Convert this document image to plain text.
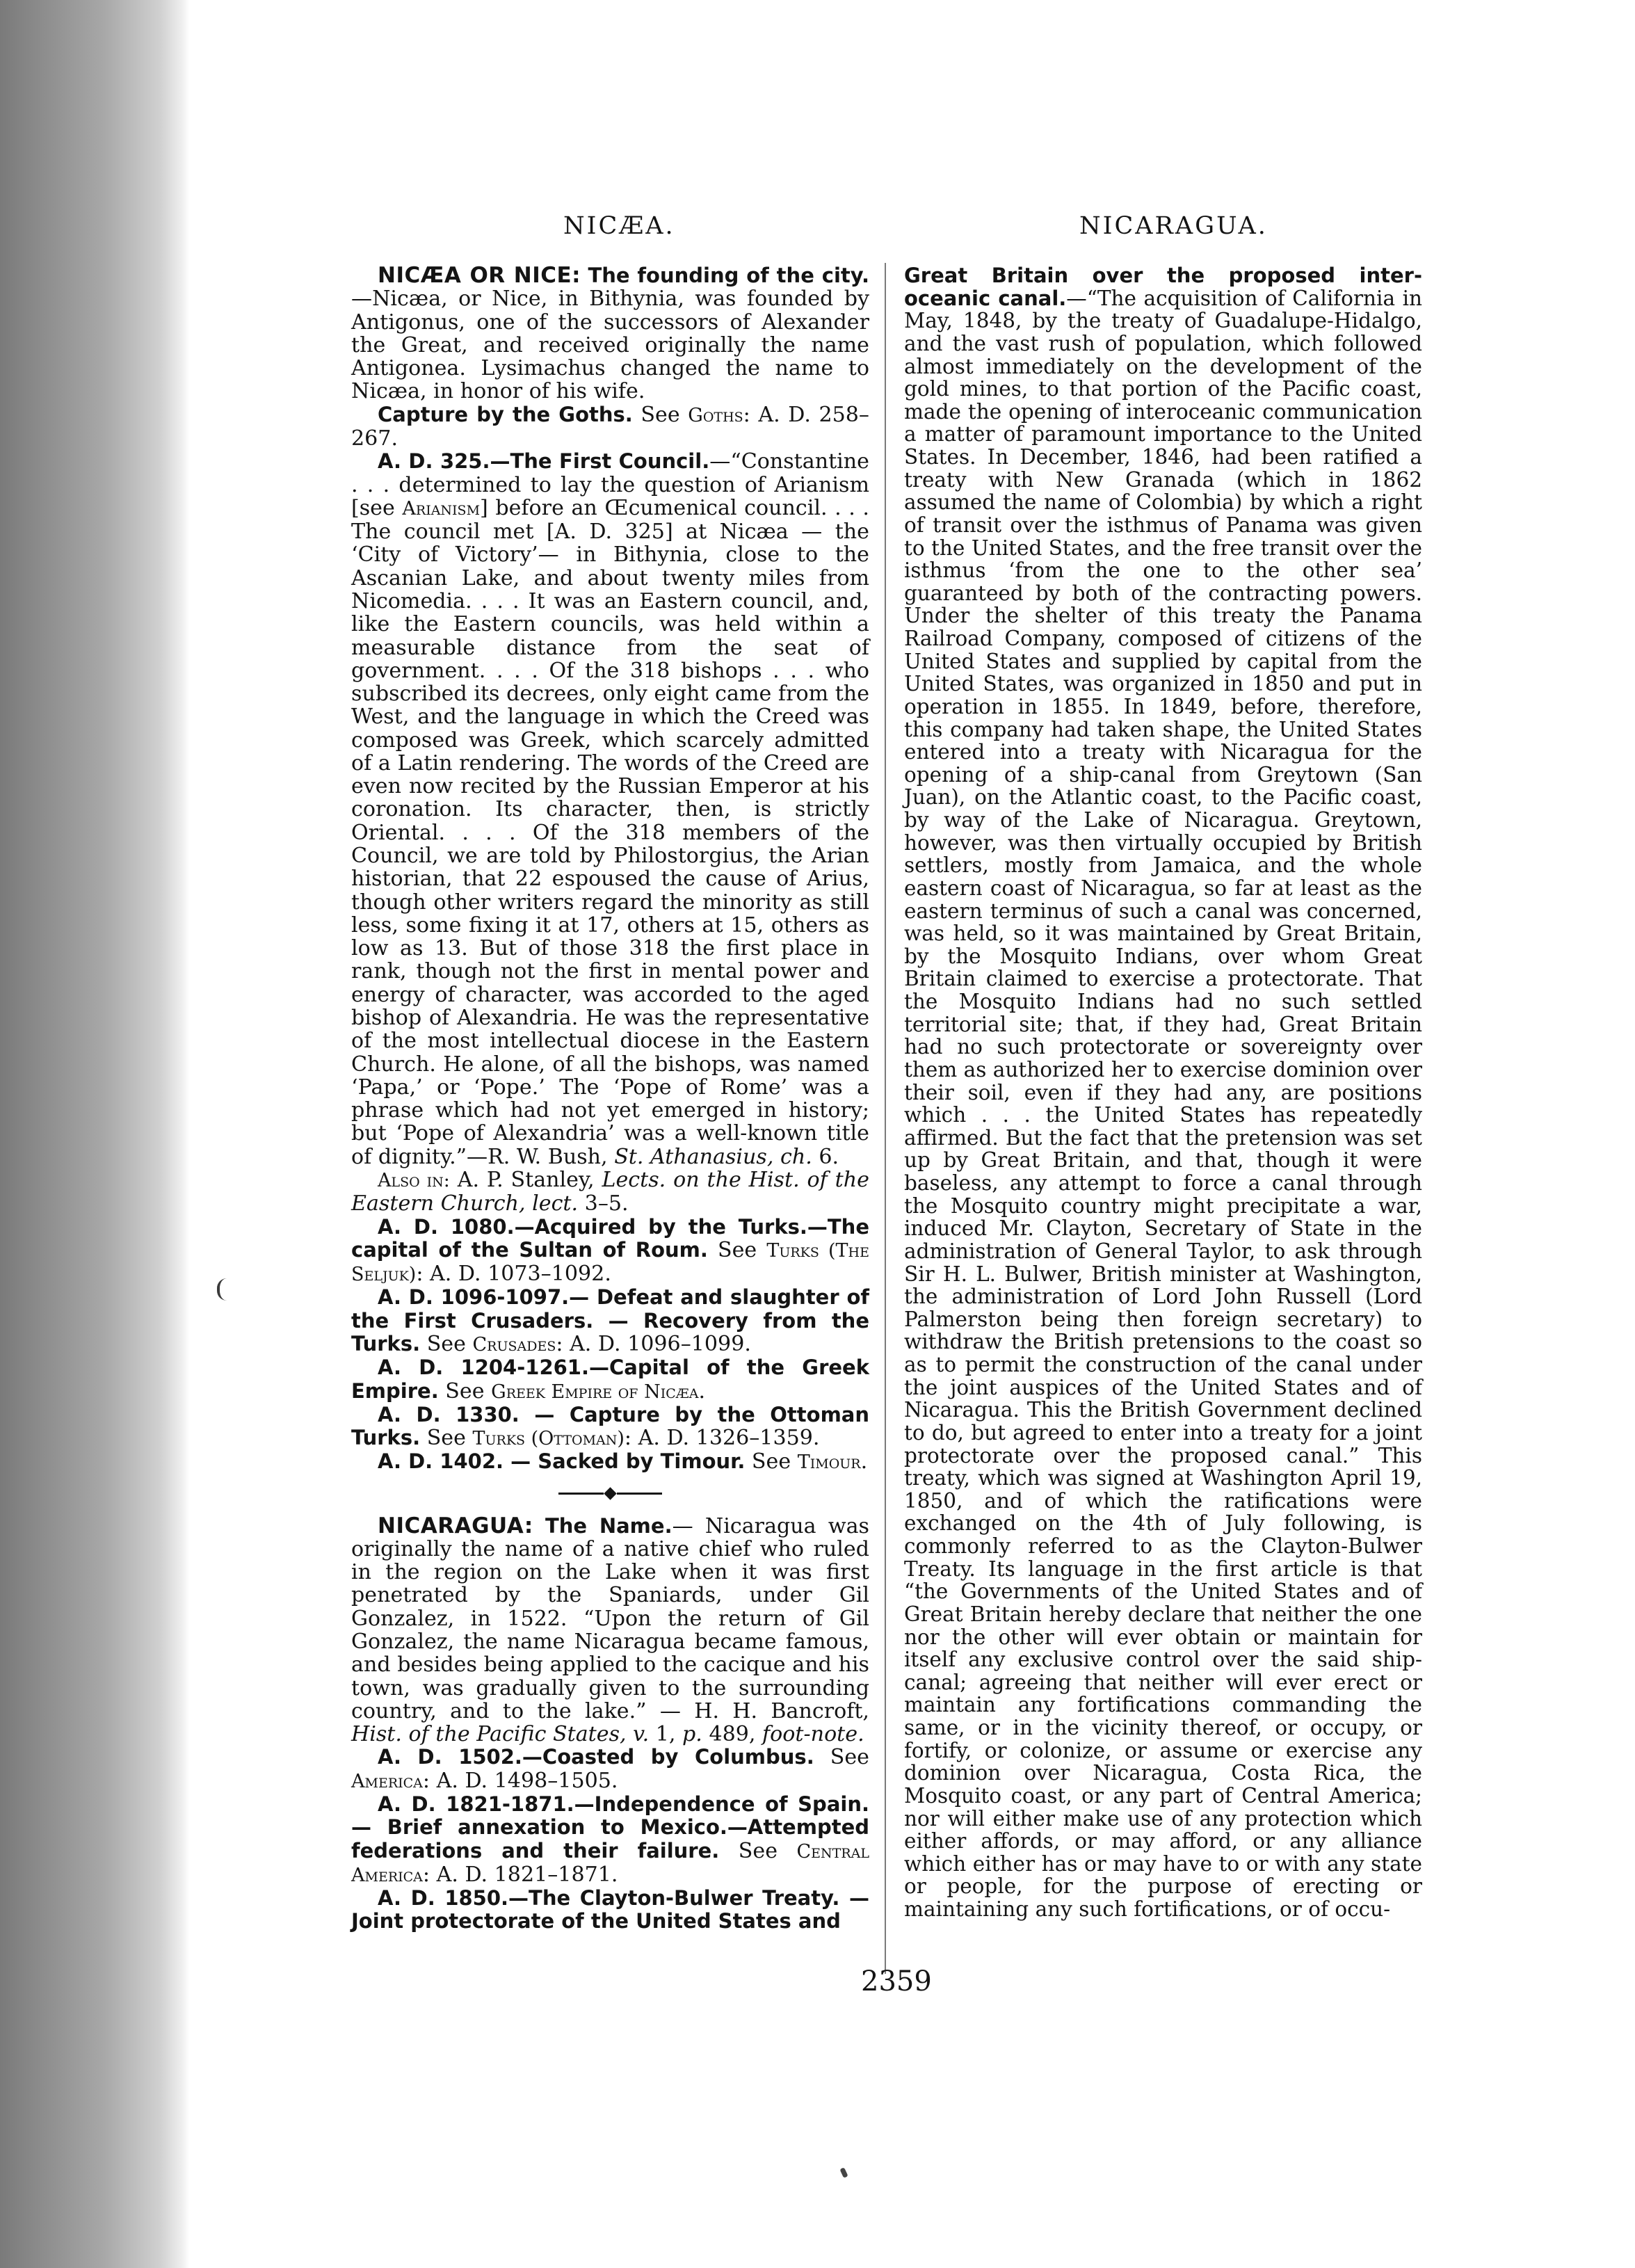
NICÆA.	NICARAGUA.

NICÆA OR NICE: The founding of the city.—Nicæa, or Nice, in Bithynia, was founded by Antigonus, one of the successors of Alexander the Great, and received originally the name Antigonea. Lysimachus changed the name to Nicæa, in honor of his wife.

Capture by the Goths. See Goths: A. D. 258–267.

A. D. 325.—The First Council.—“Constantine . . . determined to lay the question of Arianism [see Arianism] before an Œcumenical council. . . . The council met [A. D. 325] at Nicæa — the ‘City of Victory’— in Bithynia, close to the Ascanian Lake, and about twenty miles from Nicomedia. . . . It was an Eastern council, and, like the Eastern councils, was held within a measurable distance from the seat of government. . . . Of the 318 bishops . . . who subscribed its decrees, only eight came from the West, and the language in which the Creed was composed was Greek, which scarcely admitted of a Latin rendering. The words of the Creed are even now recited by the Russian Emperor at his coronation. Its character, then, is strictly Oriental. . . . Of the 318 members of the Council, we are told by Philostorgius, the Arian historian, that 22 espoused the cause of Arius, though other writers regard the minority as still less, some fixing it at 17, others at 15, others as low as 13. But of those 318 the first place in rank, though not the first in mental power and energy of character, was accorded to the aged bishop of Alexandria. He was the representative of the most intellectual diocese in the Eastern Church. He alone, of all the bishops, was named ‘Papa,’ or ‘Pope.’ The ‘Pope of Rome’ was a phrase which had not yet emerged in history; but ‘Pope of Alexandria’ was a well-known title of dignity.”—R. W. Bush, St. Athanasius, ch. 6.

Also in: A. P. Stanley, Lects. on the Hist. of the Eastern Church, lect. 3–5.

A. D. 1080.—Acquired by the Turks.—The capital of the Sultan of Roum. See Turks (The Seljuk): A. D. 1073–1092.

A. D. 1096-1097.— Defeat and slaughter of the First Crusaders. — Recovery from the Turks. See Crusades: A. D. 1096–1099.

A. D. 1204-1261.—Capital of the Greek Empire. See Greek Empire of Nicæa.

A. D. 1330. — Capture by the Ottoman Turks. See Turks (Ottoman): A. D. 1326–1359.

A. D. 1402. — Sacked by Timour. See Timour.

NICARAGUA: The Name.— Nicaragua was originally the name of a native chief who ruled in the region on the Lake when it was first penetrated by the Spaniards, under Gil Gonzalez, in 1522. “Upon the return of Gil Gonzalez, the name Nicaragua became famous, and besides being applied to the cacique and his town, was gradually given to the surrounding country, and to the lake.” — H. H. Bancroft, Hist. of the Pacific States, v. 1, p. 489, foot-note.

A. D. 1502.—Coasted by Columbus. See America: A. D. 1498–1505.

A. D. 1821-1871.—Independence of Spain.— Brief annexation to Mexico.—Attempted federations and their failure. See Central America: A. D. 1821–1871.

A. D. 1850.—The Clayton-Bulwer Treaty. —Joint protectorate of the United States and

Great Britain over the proposed inter-oceanic canal.—“The acquisition of California in May, 1848, by the treaty of Guadalupe-Hidalgo, and the vast rush of population, which followed almost immediately on the development of the gold mines, to that portion of the Pacific coast, made the opening of interoceanic communication a matter of paramount importance to the United States. In December, 1846, had been ratified a treaty with New Granada (which in 1862 assumed the name of Colombia) by which a right of transit over the isthmus of Panama was given to the United States, and the free transit over the isthmus ‘from the one to the other sea’ guaranteed by both of the contracting powers. Under the shelter of this treaty the Panama Railroad Company, composed of citizens of the United States and supplied by capital from the United States, was organized in 1850 and put in operation in 1855. In 1849, before, therefore, this company had taken shape, the United States entered into a treaty with Nicaragua for the opening of a ship-canal from Greytown (San Juan), on the Atlantic coast, to the Pacific coast, by way of the Lake of Nicaragua. Greytown, however, was then virtually occupied by British settlers, mostly from Jamaica, and the whole eastern coast of Nicaragua, so far at least as the eastern terminus of such a canal was concerned, was held, so it was maintained by Great Britain, by the Mosquito Indians, over whom Great Britain claimed to exercise a protectorate. That the Mosquito Indians had no such settled territorial site; that, if they had, Great Britain had no such protectorate or sovereignty over them as authorized her to exercise dominion over their soil, even if they had any, are positions which . . . the United States has repeatedly affirmed. But the fact that the pretension was set up by Great Britain, and that, though it were baseless, any attempt to force a canal through the Mosquito country might precipitate a war, induced Mr. Clayton, Secretary of State in the administration of General Taylor, to ask through Sir H. L. Bulwer, British minister at Washington, the administration of Lord John Russell (Lord Palmerston being then foreign secretary) to withdraw the British pretensions to the coast so as to permit the construction of the canal under the joint auspices of the United States and of Nicaragua. This the British Government declined to do, but agreed to enter into a treaty for a joint protectorate over the proposed canal.” This treaty, which was signed at Washington April 19, 1850, and of which the ratifications were exchanged on the 4th of July following, is commonly referred to as the Clayton-Bulwer Treaty. Its language in the first article is that “the Governments of the United States and of Great Britain hereby declare that neither the one nor the other will ever obtain or maintain for itself any exclusive control over the said ship-canal; agreeing that neither will ever erect or maintain any fortifications commanding the same, or in the vicinity thereof, or occupy, or fortify, or colonize, or assume or exercise any dominion over Nicaragua, Costa Rica, the Mosquito coast, or any part of Central America; nor will either make use of any protection which either affords, or may afford, or any alliance which either has or may have to or with any state or people, for the purpose of erecting or maintaining any such fortifications, or of occu-

2359
